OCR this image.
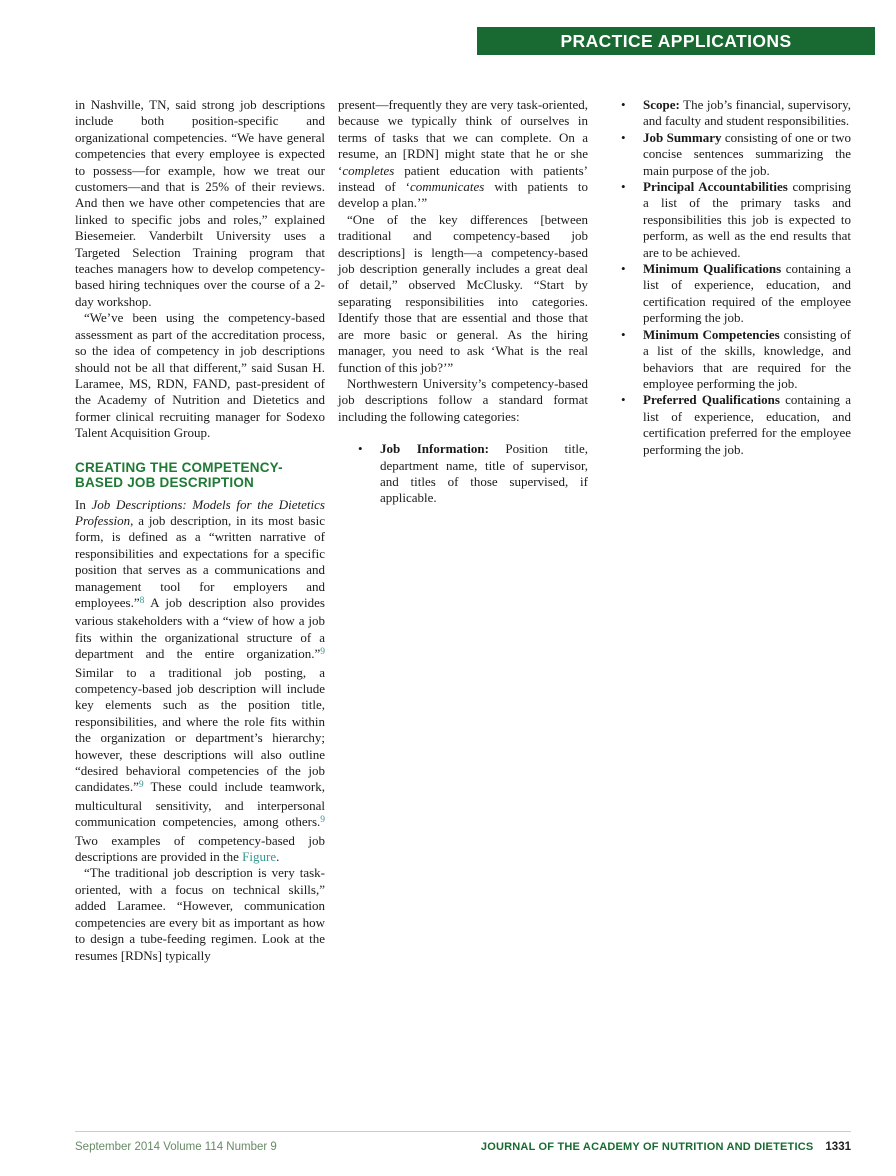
PRACTICE APPLICATIONS

in Nashville, TN, said strong job descriptions include both position-specific and organizational competencies. “We have general competencies that every employee is expected to possess—for example, how we treat our customers—and that is 25% of their reviews. And then we have other competencies that are linked to specific jobs and roles,” explained Biesemeier. Vanderbilt University uses a Targeted Selection Training program that teaches managers how to develop competency-based hiring techniques over the course of a 2-day workshop.

“We’ve been using the competency-based assessment as part of the accreditation process, so the idea of competency in job descriptions should not be all that different,” said Susan H. Laramee, MS, RDN, FAND, past-president of the Academy of Nutrition and Dietetics and former clinical recruiting manager for Sodexo Talent Acquisition Group.

CREATING THE COMPETENCY-BASED JOB DESCRIPTION

In Job Descriptions: Models for the Dietetics Profession, a job description, in its most basic form, is defined as a “written narrative of responsibilities and expectations for a specific position that serves as a communications and management tool for employers and employees.”$^8$ A job description also provides various stakeholders with a “view of how a job fits within the organizational structure of a department and the entire organization.”$^9$ Similar to a traditional job posting, a competency-based job description will include key elements such as the position title, responsibilities, and where the role fits within the organization or department’s hierarchy; however, these descriptions will also outline “desired behavioral competencies of the job candidates.”$^9$ These could include teamwork, multicultural sensitivity, and interpersonal communication competencies, among others.$^9$ Two examples of competency-based job descriptions are provided in the Figure.

“The traditional job description is very task-oriented, with a focus on technical skills,” added Laramee. “However, communication competencies are every bit as important as how to design a tube-feeding regimen. Look at the resumes [RDNs] typically

present—frequently they are very task-oriented, because we typically think of ourselves in terms of tasks that we can complete. On a resume, an [RDN] might state that he or she ‘completes patient education with patients’ instead of ‘communicates with patients to develop a plan.’”

“One of the key differences [between traditional and competency-based job descriptions] is length—a competency-based job description generally includes a great deal of detail,” observed McClusky. “Start by separating responsibilities into categories. Identify those that are essential and those that are more basic or general. As the hiring manager, you need to ask ‘What is the real function of this job?’”

Northwestern University’s competency-based job descriptions follow a standard format including the following categories:

• Job Information: Position title, department name, title of supervisor, and titles of those supervised, if applicable.
• Scope: The job’s financial, supervisory, and faculty and student responsibilities.
• Job Summary consisting of one or two concise sentences summarizing the main purpose of the job.
• Principal Accountabilities comprising a list of the primary tasks and responsibilities this job is expected to perform, as well as the end results that are to be achieved.
• Minimum Qualifications containing a list of experience, education, and certification required of the employee performing the job.
• Minimum Competencies consisting of a list of the skills, knowledge, and behaviors that are required for the employee performing the job.
• Preferred Qualifications containing a list of experience, education, and certification preferred for the employee performing the job.
September 2014 Volume 114 Number 9	JOURNAL OF THE ACADEMY OF NUTRITION AND DIETETICS 1331
